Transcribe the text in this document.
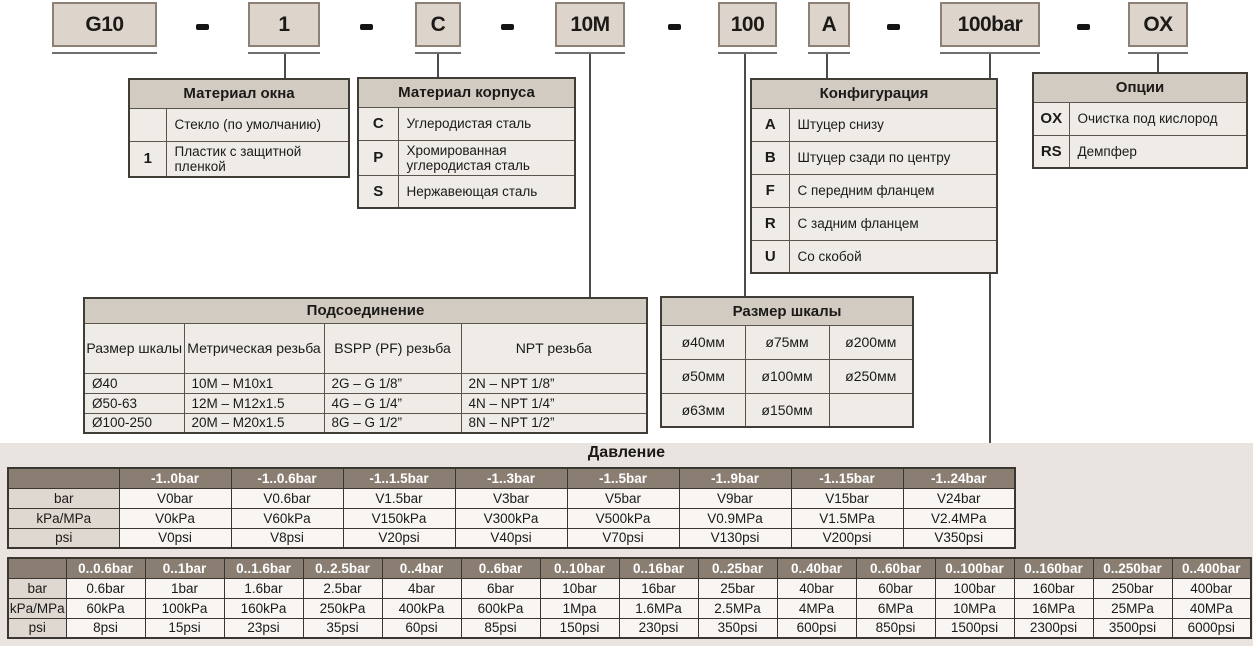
G10	1	C	10M	100	A	100bar	OX
Материал окна	
	Стекло (по умолчанию)
1	Пластик с защитной пленкой
Материал корпуса	
C	Углеродистая сталь
P	Хромированная углеродистая сталь
S	Нержавеющая сталь
Конфигурация	
A	Штуцер снизу
B	Штуцер сзади по центру
F	С передним фланцем
R	С задним фланцем
U	Со скобой
Опции	
OX	Очистка под кислород
RS	Демпфер
Подсоединение			
Размер шкалы	Метрическая резьба	BSPP (PF) резьба	NPT резьба
Ø40	10M – M10x1	2G – G 1/8”	2N – NPT 1/8”
Ø50-63	12M – M12x1.5	4G – G 1/4”	4N – NPT 1/4”
Ø100-250	20M – M20x1.5	8G – G 1/2”	8N – NPT 1/2”
Размер шкалы		
ø40мм	ø75мм	ø200мм
ø50мм	ø100мм	ø250мм
ø63мм	ø150мм	
Давление
	-1..0bar	-1..0.6bar	-1..1.5bar	-1..3bar	-1..5bar	-1..9bar	-1..15bar	-1..24bar
bar	V0bar	V0.6bar	V1.5bar	V3bar	V5bar	V9bar	V15bar	V24bar
kPa/MPa	V0kPa	V60kPa	V150kPa	V300kPa	V500kPa	V0.9MPa	V1.5MPa	V2.4MPa
psi	V0psi	V8psi	V20psi	V40psi	V70psi	V130psi	V200psi	V350psi
	0..0.6bar	0..1bar	0..1.6bar	0..2.5bar	0..4bar	0..6bar	0..10bar	0..16bar	0..25bar	0..40bar	0..60bar	0..100bar	0..160bar	0..250bar	0..400bar
bar	0.6bar	1bar	1.6bar	2.5bar	4bar	6bar	10bar	16bar	25bar	40bar	60bar	100bar	160bar	250bar	400bar
kPa/MPa	60kPa	100kPa	160kPa	250kPa	400kPa	600kPa	1Mpa	1.6MPa	2.5MPa	4MPa	6MPa	10MPa	16MPa	25MPa	40MPa
psi	8psi	15psi	23psi	35psi	60psi	85psi	150psi	230psi	350psi	600psi	850psi	1500psi	2300psi	3500psi	6000psi
